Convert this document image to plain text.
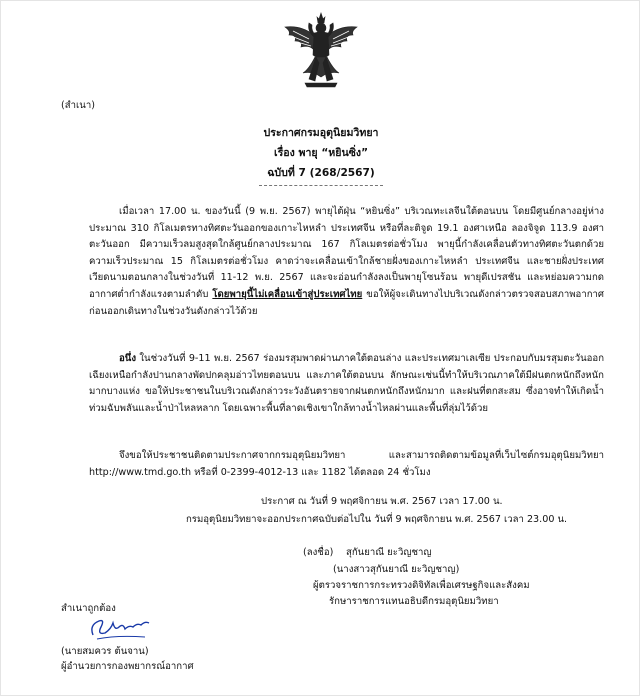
(สำเนา)
ประกาศกรมอุตุนิยมวิทยา
เรื่อง พายุ “หยินซิ่ง”
ฉบับที่ 7 (268/2567)
เมื่อเวลา 17.00 น. ของวันนี้ (9 พ.ย. 2567) พายุไต้ฝุ่น “หยินซิ่ง” บริเวณทะเลจีนใต้ตอนบน โดยมีศูนย์กลางอยู่ห่างประมาณ 310 กิโลเมตรทางทิศตะวันออกของเกาะไหหลำ ประเทศจีน หรือที่ละติจูด 19.1 องศาเหนือ ลองจิจูด 113.9 องศาตะวันออก มีความเร็วลมสูงสุดใกล้ศูนย์กลางประมาณ 167 กิโลเมตรต่อชั่วโมง พายุนี้กำลังเคลื่อนตัวทางทิศตะวันตกด้วยความเร็วประมาณ 15 กิโลเมตรต่อชั่วโมง คาดว่าจะเคลื่อนเข้าใกล้ชายฝั่งของเกาะไหหลำ ประเทศจีน และชายฝั่งประเทศเวียดนามตอนกลางในช่วงวันที่ 11-12 พ.ย. 2567 และจะอ่อนกำลังลงเป็นพายุโซนร้อน พายุดีเปรสชัน และหย่อมความกดอากาศต่ำกำลังแรงตามลำดับ โดยพายุนี้ไม่เคลื่อนเข้าสู่ประเทศไทย ขอให้ผู้จะเดินทางไปบริเวณดังกล่าวตรวจสอบสภาพอากาศก่อนออกเดินทางในช่วงวันดังกล่าวไว้ด้วย
อนึ่ง ในช่วงวันที่ 9-11 พ.ย. 2567 ร่องมรสุมพาดผ่านภาคใต้ตอนล่าง และประเทศมาเลเซีย ประกอบกับมรสุมตะวันออกเฉียงเหนือกำลังปานกลางพัดปกคลุมอ่าวไทยตอนบน และภาคใต้ตอนบน ลักษณะเช่นนี้ทำให้บริเวณภาคใต้มีฝนตกหนักถึงหนักมากบางแห่ง ขอให้ประชาชนในบริเวณดังกล่าวระวังอันตรายจากฝนตกหนักถึงหนักมาก และฝนที่ตกสะสม ซึ่งอาจทำให้เกิดน้ำท่วมฉับพลันและน้ำป่าไหลหลาก โดยเฉพาะพื้นที่ลาดเชิงเขาใกล้ทางน้ำไหลผ่านและพื้นที่ลุ่มไว้ด้วย
จึงขอให้ประชาชนติดตามประกาศจากกรมอุตุนิยมวิทยา และสามารถติดตามข้อมูลที่เว็บไซต์กรมอุตุนิยมวิทยา http://www.tmd.go.th หรือที่ 0-2399-4012-13 และ 1182 ได้ตลอด 24 ชั่วโมง
ประกาศ ณ วันที่ 9 พฤศจิกายน พ.ศ. 2567 เวลา 17.00 น.
กรมอุตุนิยมวิทยาจะออกประกาศฉบับต่อไปใน วันที่ 9 พฤศจิกายน พ.ศ. 2567 เวลา 23.00 น.
(ลงชื่อ) สุกันยาณี ยะวิญชาญ
(นางสาวสุกันยาณี ยะวิญชาญ)
ผู้ตรวจราชการกระทรวงดิจิทัลเพื่อเศรษฐกิจและสังคม
รักษาราชการแทนอธิบดีกรมอุตุนิยมวิทยา
สำเนาถูกต้อง
(นายสมควร ต้นจาน)
ผู้อำนวยการกองพยากรณ์อากาศ
